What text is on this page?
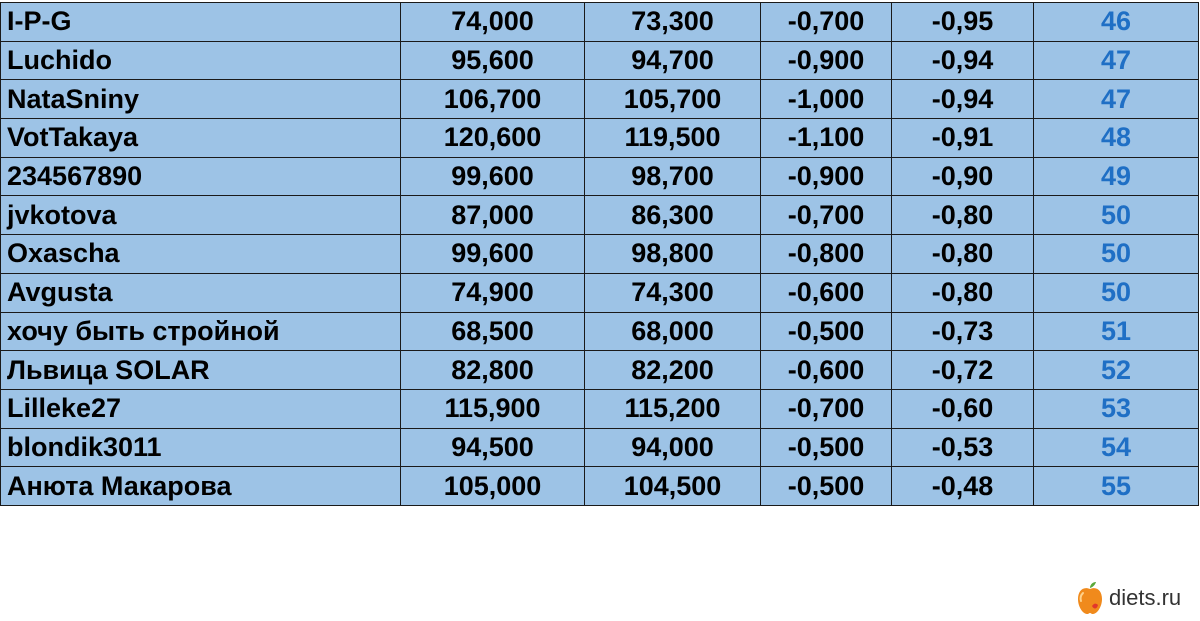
I-P-G	74,000	73,300	-0,700	-0,95	46
Luchido	95,600	94,700	-0,900	-0,94	47
NataSniny	106,700	105,700	-1,000	-0,94	47
VotTakaya	120,600	119,500	-1,100	-0,91	48
234567890	99,600	98,700	-0,900	-0,90	49
jvkotova	87,000	86,300	-0,700	-0,80	50
Oxascha	99,600	98,800	-0,800	-0,80	50
Avgusta	74,900	74,300	-0,600	-0,80	50
хочу быть стройной	68,500	68,000	-0,500	-0,73	51
Львица SOLAR	82,800	82,200	-0,600	-0,72	52
Lilleke27	115,900	115,200	-0,700	-0,60	53
blondik3011	94,500	94,000	-0,500	-0,53	54
Анюта Макарова	105,000	104,500	-0,500	-0,48	55
diets.ru
